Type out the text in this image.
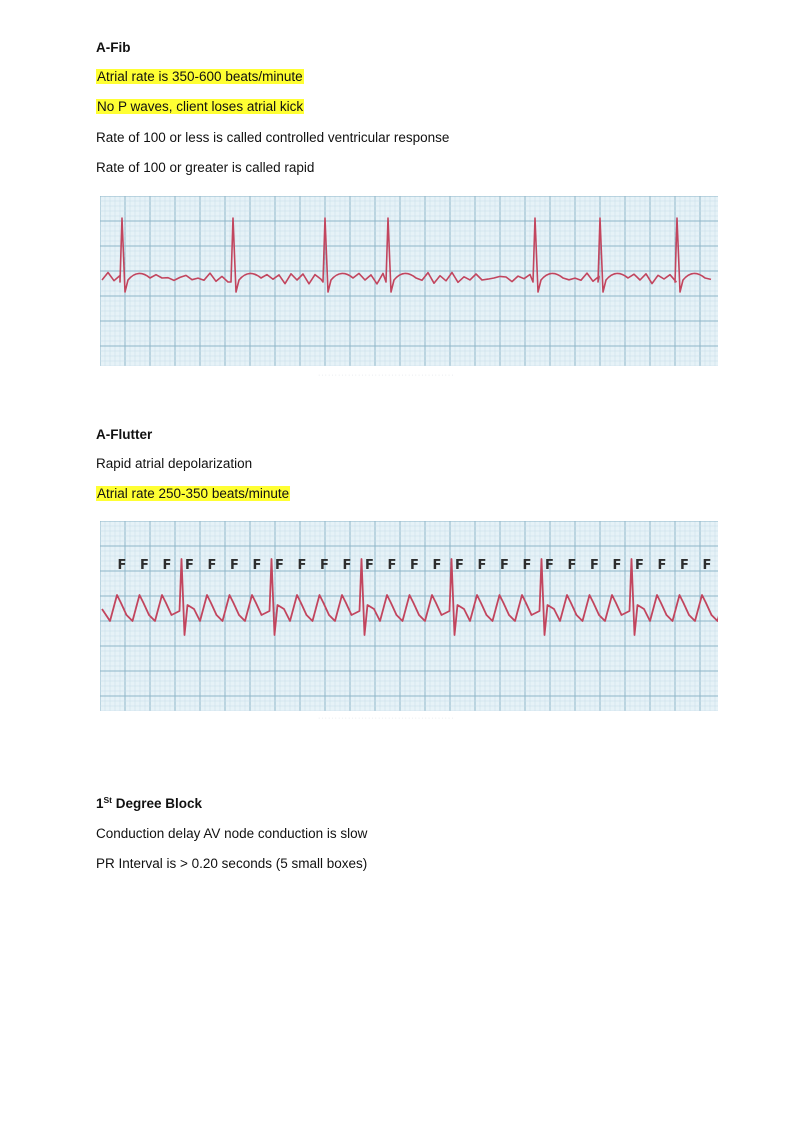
A-Fib
Atrial rate is 350-600 beats/minute
No P waves, client loses atrial kick
Rate of 100 or less is called controlled ventricular response
Rate of 100 or greater is called rapid
·········································
A-Flutter
Rapid atrial depolarization
Atrial rate 250-350 beats/minute
F F F F F F F F F F F F F F F F F F F F F F F F F F F
·········································
1St Degree Block
Conduction delay AV node conduction is slow
PR Interval is > 0.20 seconds (5 small boxes)
